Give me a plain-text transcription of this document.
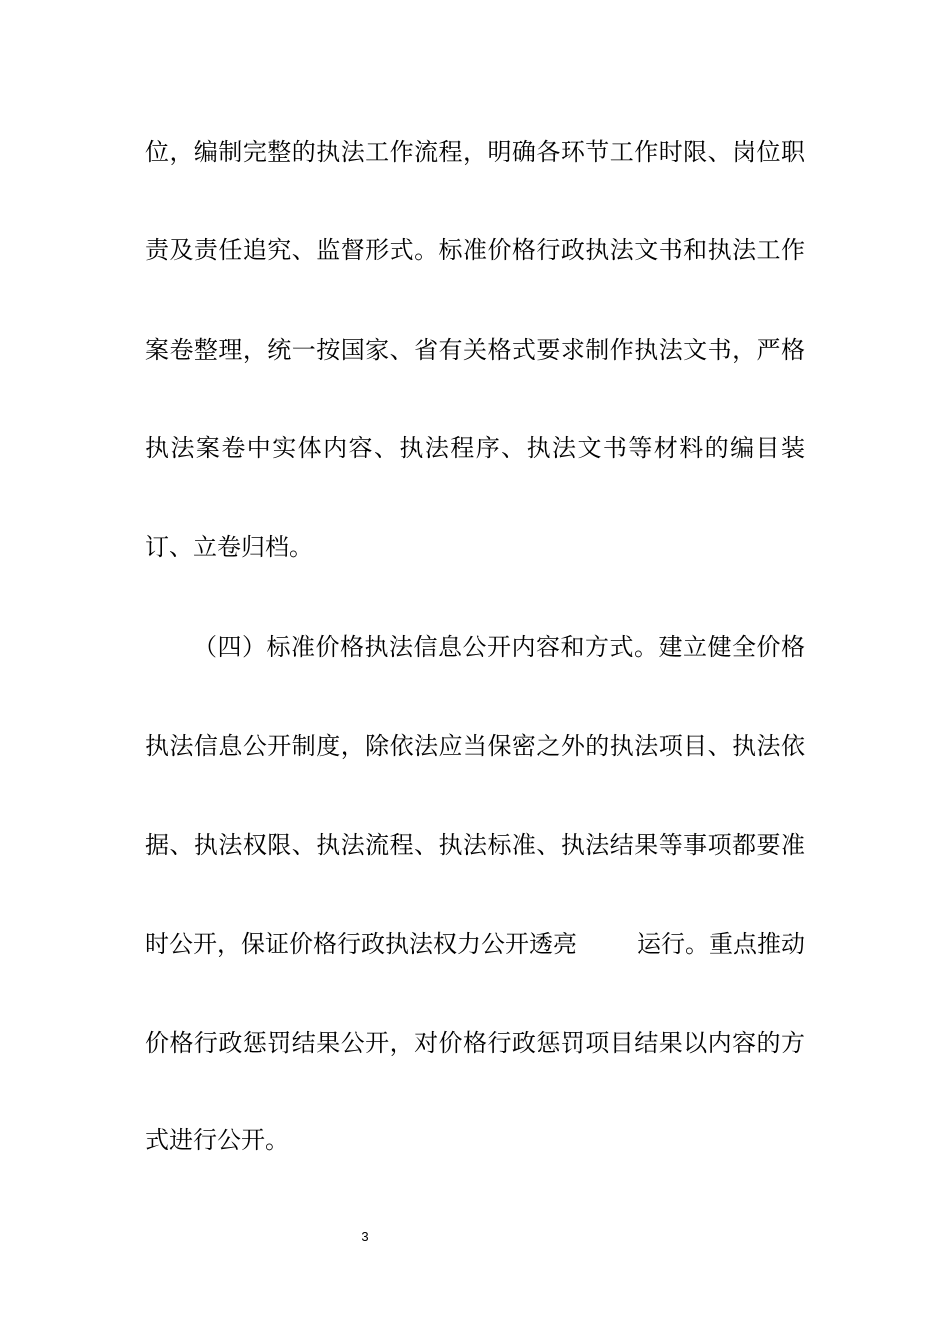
位，编制完整的执法工作流程，明确各环节工作时限、岗位职
责及责任追究、监督形式。标准价格行政执法文书和执法工作
案卷整理，统一按国家、省有关格式要求制作执法文书，严格
执法案卷中实体内容、执法程序、执法文书等材料的编目装
订、立卷归档。
（四）标准价格执法信息公开内容和方式。建立健全价格
执法信息公开制度，除依法应当保密之外的执法项目、执法依
据、执法权限、执法流程、执法标准、执法结果等事项都要准
时公开，保证价格行政执法权力公开透亮	运行。重点推动
价格行政惩罚结果公开，对价格行政惩罚项目结果以内容的方
式进行公开。
3
